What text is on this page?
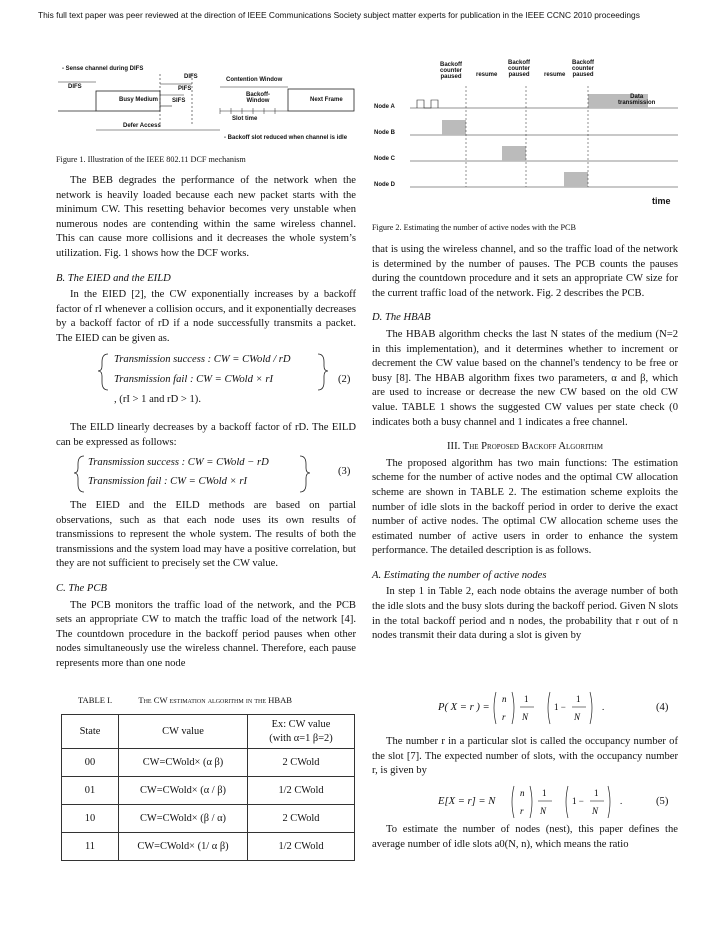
This full text paper was peer reviewed at the direction of IEEE Communications Society subject matter experts for publication in the IEEE CCNC 2010 proceedings
- Sense channel during DIFS
DIFS
DIFS	Contention Window
PIFS
Busy Medium SIFS
Backoff-
Window	Next Frame
Slot time
Defer Access
- Backoff slot reduced when channel is idle
Figure 1. Illustration of the IEEE 802.11 DCF mechanism
Backoff
counter
paused resume
Backoff
counter
paused resume
Backoff
counter
paused
Data
transmission
Node A
Node B
Node C
Node D
time
Figure 2. Estimating the number of active nodes with the PCB

The BEB degrades the performance of the network when the network is heavily loaded because each new packet starts with the minimum CW. This resetting behavior becomes very unstable when numerous nodes are contending within the same wireless channel. This can cause more collisions and it decreases the whole system’s utilization. Fig. 1 shows how the DCF works.

B. The EIED and the EILD

In the EIED [2], the CW exponentially increases by a backoff factor of rI whenever a collision occurs, and it exponentially decreases by a backoff factor of rD if a node successfully transmits a packet. The EIED can be given as.

Transmission success : CW = CWold / rD
Transmission fail : CW = CWold × rI	(2)
, (rI > 1 and rD > 1).

The EILD linearly decreases by a backoff factor of rD. The EILD can be expressed as follows:

Transmission success : CW = CWold − rD
Transmission fail : CW = CWold × rI
(3)

The EIED and the EILD methods are based on partial observations, such as that each node uses its own results of transmissions to represent the whole system. The results of both the transmissions and the system load may have a positive correlation, but they are not sufficient to precisely set the CW value.

C. The PCB

The PCB monitors the traffic load of the network, and the PCB sets an appropriate CW to match the traffic load of the network [4]. The countdown procedure in the backoff period pauses when other nodes simultaneously use the wireless channel. Therefore, each pause represents more than one node

TABLE I.	The CW estimation algorithm in the HBAB
State	CW value	Ex: CW value
(with α=1 β=2)
00	CW=CWold× (α β)	2 CWold
01	CW=CWold× (α / β)	1/2 CWold
10	CW=CWold× (β / α)	2 CWold
11	CW=CWold× (1/ α β)	1/2 CWold

that is using the wireless channel, and so the traffic load of the network is determined by the number of pauses. The PCB counts the pauses during the countdown procedure and it sets an appropriate CW size for the current traffic load of the network. Fig. 2 describes the PCB.

D. The HBAB

The HBAB algorithm checks the last N states of the medium (N=2 in this implementation), and it determines whether to increment or decrement the CW value based on the channel's tendency to be free or busy [8]. The HBAB algorithm fixes two parameters, α and β, which are used to increase or decrease the new CW based on the old CW value. TABLE 1 shows the suggested CW values per state check (0 indicates both a busy channel and 1 indicates a free channel.

III. The Proposed Backoff Algorithm

The proposed algorithm has two main functions: The estimation scheme for the number of active nodes and the optimal CW allocation scheme are shown in TABLE 2. The estimation scheme exploits the number of idle slots in the backoff period in order to derive the exact number of active nodes. The optimal CW allocation scheme uses the estimated number of active users in order to enhance the system performance. The detailed description is as follows.

A. Estimating the number of active nodes

In step 1 in Table 2, each node obtains the average number of both the idle slots and the busy slots during the backoff period. Given N slots in the total backoff period and n nodes, the probability that r out of n nodes transmit their data during a slot is given by

P( X = r ) =
n
r
1
N
1 −
1
N
.	(4)

The number r in a particular slot is called the occupancy number of the slot [7]. The expected number of slots, with the occupancy number r, is given by

E[X = r] = N
n
r
1
N
1 −
1
N
.	(5)

To estimate the number of nodes (nest), this paper defines the average number of idle slots a0(N, n), which means the ratio
